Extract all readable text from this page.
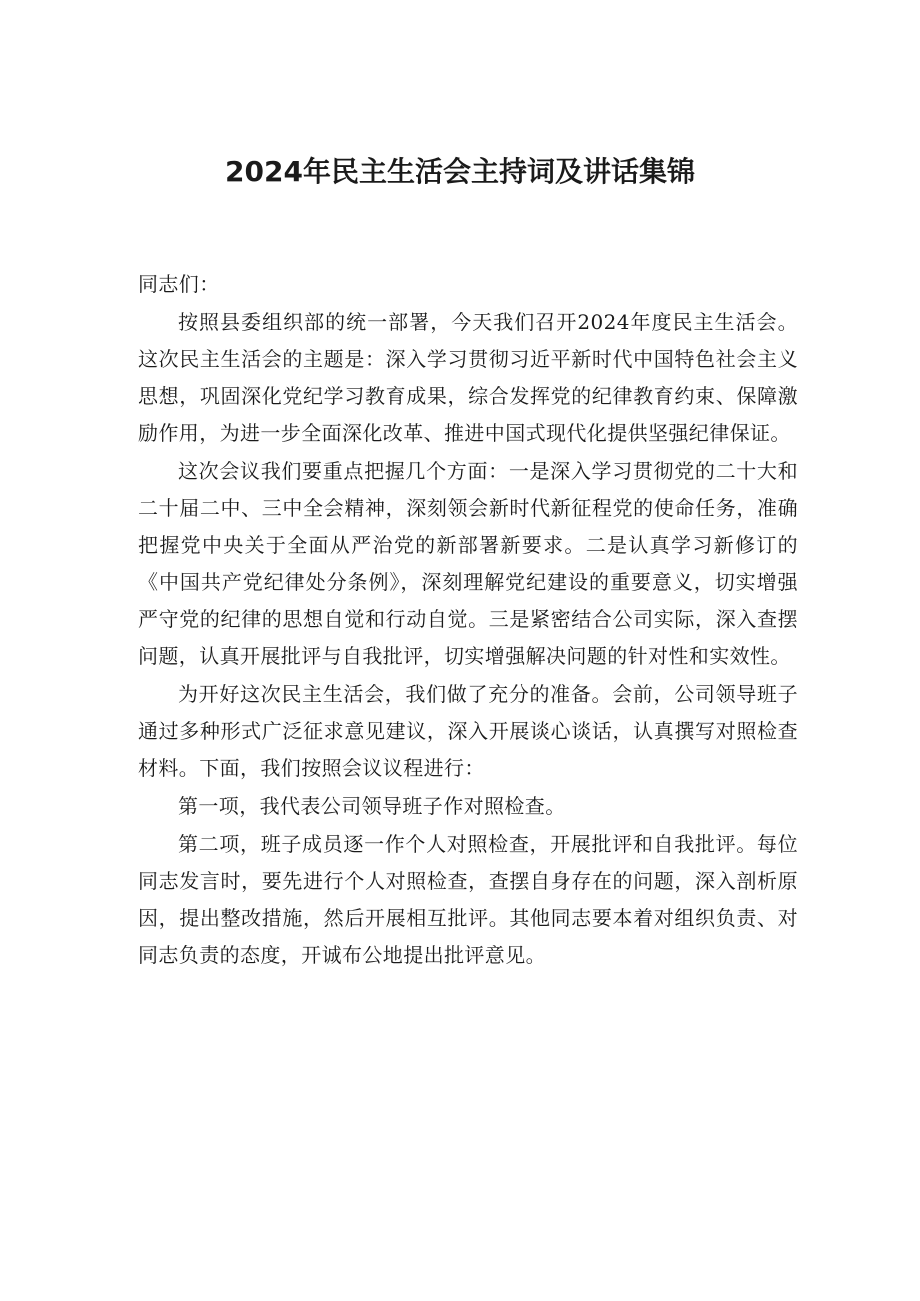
2024年民主生活会主持词及讲话集锦

同志们：

按照县委组织部的统一部署，今天我们召开2024年度民主生活会。这次民主生活会的主题是：深入学习贯彻习近平新时代中国特色社会主义思想，巩固深化党纪学习教育成果，综合发挥党的纪律教育约束、保障激励作用，为进一步全面深化改革、推进中国式现代化提供坚强纪律保证。

这次会议我们要重点把握几个方面：一是深入学习贯彻党的二十大和二十届二中、三中全会精神，深刻领会新时代新征程党的使命任务，准确把握党中央关于全面从严治党的新部署新要求。二是认真学习新修订的《中国共产党纪律处分条例》，深刻理解党纪建设的重要意义，切实增强严守党的纪律的思想自觉和行动自觉。三是紧密结合公司实际，深入查摆问题，认真开展批评与自我批评，切实增强解决问题的针对性和实效性。

为开好这次民主生活会，我们做了充分的准备。会前，公司领导班子通过多种形式广泛征求意见建议，深入开展谈心谈话，认真撰写对照检查材料。下面，我们按照会议议程进行：

第一项，我代表公司领导班子作对照检查。

第二项，班子成员逐一作个人对照检查，开展批评和自我批评。每位同志发言时，要先进行个人对照检查，查摆自身存在的问题，深入剖析原因，提出整改措施，然后开展相互批评。其他同志要本着对组织负责、对同志负责的态度，开诚布公地提出批评意见。
